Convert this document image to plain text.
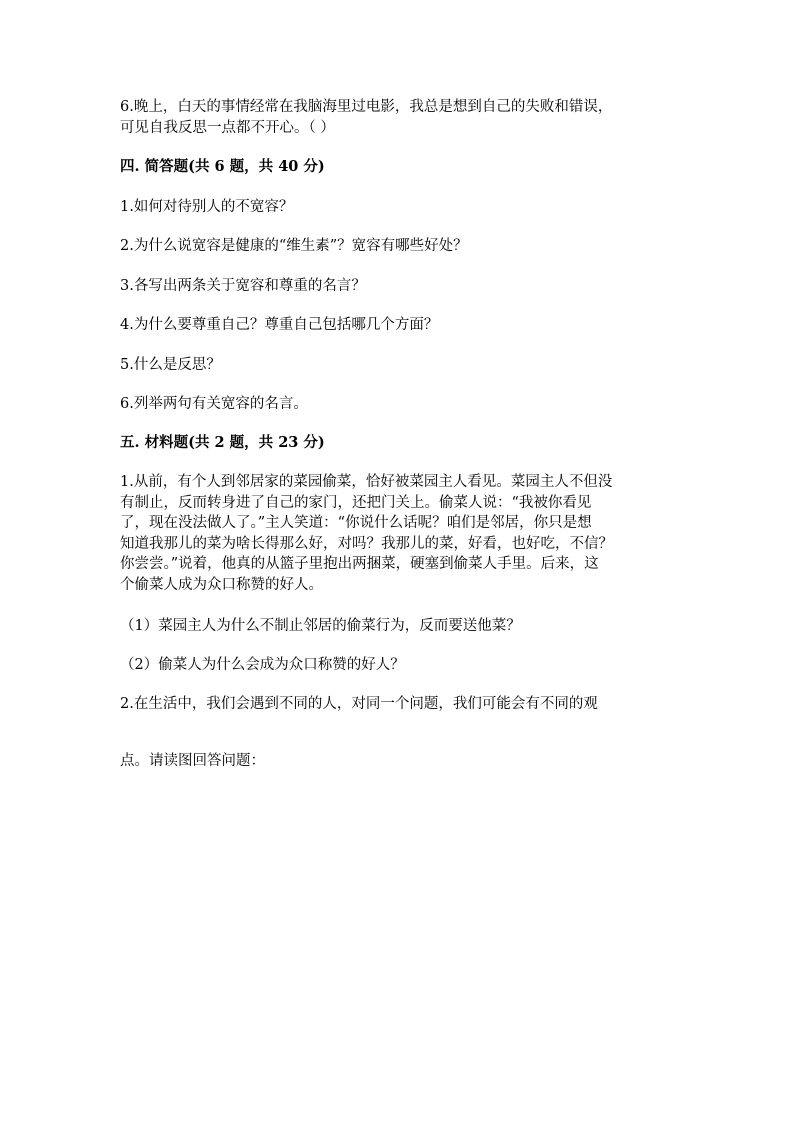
6.晚上，白天的事情经常在我脑海里过电影，我总是想到自己的失败和错误，
可见自我反思一点都不开心。（ ）
四. 简答题(共 6 题，共 40 分)
1.如何对待别人的不宽容？
2.为什么说宽容是健康的“维生素”？宽容有哪些好处？
3.各写出两条关于宽容和尊重的名言？
4.为什么要尊重自己？尊重自己包括哪几个方面？
5.什么是反思？
6.列举两句有关宽容的名言。
五. 材料题(共 2 题，共 23 分)
1.从前，有个人到邻居家的菜园偷菜，恰好被菜园主人看见。菜园主人不但没
有制止，反而转身进了自己的家门，还把门关上。偷菜人说：“我被你看见
了，现在没法做人了。”主人笑道：“你说什么话呢？咱们是邻居，你只是想
知道我那儿的菜为啥长得那么好，对吗？我那儿的菜，好看，也好吃，不信？
你尝尝。”说着，他真的从篮子里抱出两捆菜，硬塞到偷菜人手里。后来，这
个偷菜人成为众口称赞的好人。
（1）菜园主人为什么不制止邻居的偷菜行为，反而要送他菜？
（2）偷菜人为什么会成为众口称赞的好人？
2.在生活中，我们会遇到不同的人，对同一个问题，我们可能会有不同的观
点。请读图回答问题：
